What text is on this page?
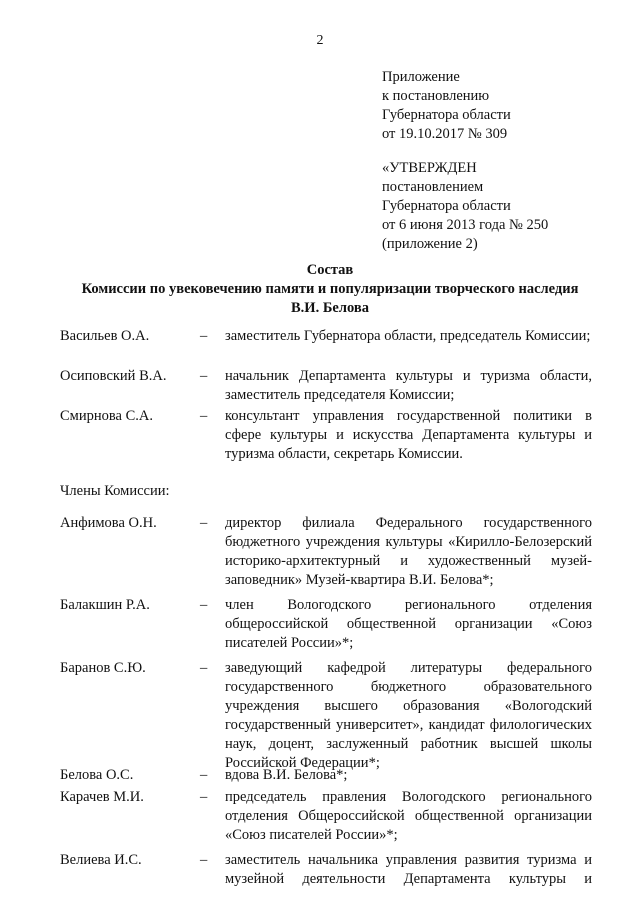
2
Приложение
к постановлению
Губернатора области
от 19.10.2017 № 309
«УТВЕРЖДЕН
постановлением
Губернатора области
от 6 июня 2013 года № 250
(приложение 2)
Состав
Комиссии по увековечению памяти и популяризации творческого наследия
В.И. Белова
Васильев О.А.	–	заместитель Губернатора области, председатель Комиссии;
Осиповский В.А.	–	начальник Департамента культуры и туризма области, заместитель председателя Комиссии;
Смирнова С.А.	–	консультант управления государственной политики в сфере культуры и искусства Департамента культуры и туризма области, секретарь Комиссии.
Члены Комиссии:
Анфимова О.Н.	–	директор филиала Федерального государственного бюджетного учреждения культуры «Кирилло-Белозерский историко-архитектурный и художественный музей-заповедник» Музей-квартира В.И. Белова*;
Балакшин Р.А.	–	член Вологодского регионального отделения общероссийской общественной организации «Союз писателей России»*;
Баранов С.Ю.	–	заведующий кафедрой литературы федерального государственного бюджетного образовательного учреждения высшего образования «Вологодский государственный университет», кандидат филологических наук, доцент, заслуженный работник высшей школы Российской Федерации*;
Белова О.С.	–	вдова В.И. Белова*;
Карачев М.И.	–	председатель правления Вологодского регионального отделения Общероссийской общественной организации «Союз писателей России»*;
Велиева И.С.	–	заместитель начальника управления развития туризма и музейной деятельности Департамента культуры и
